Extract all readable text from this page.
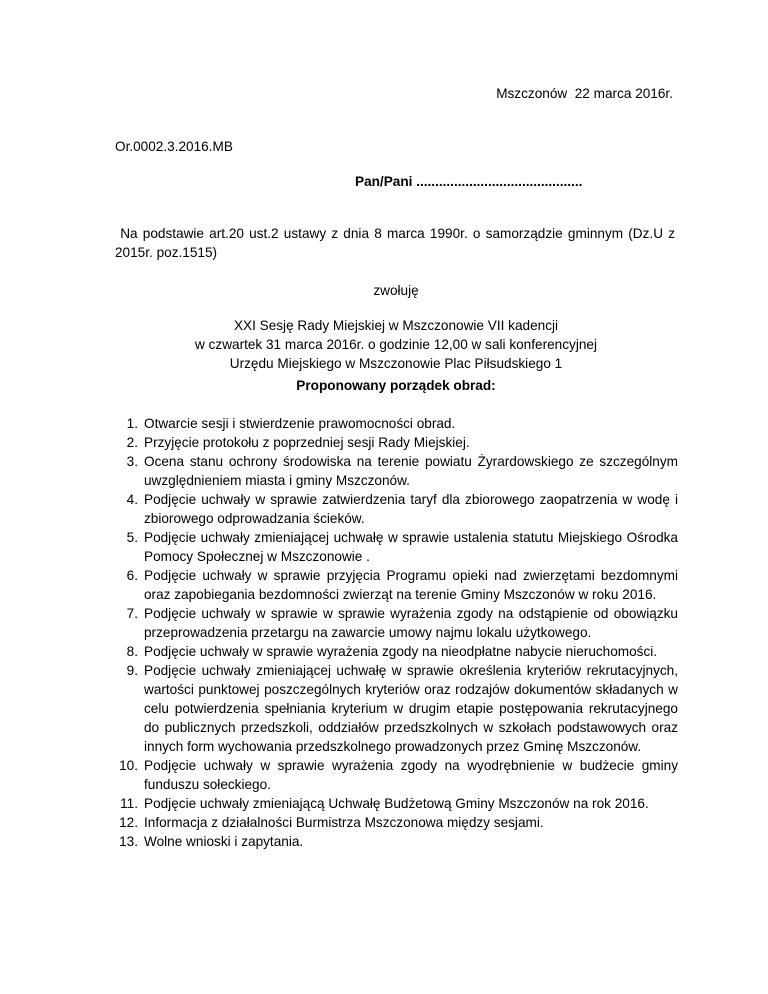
Mszczonów  22 marca 2016r.
Or.0002.3.2016.MB
Pan/Pani ............................................
Na podstawie art.20 ust.2 ustawy z dnia 8 marca 1990r. o samorządzie gminnym (Dz.U z 2015r. poz.1515)
zwołuję
XXI Sesję Rady Miejskiej w Mszczonowie VII kadencji
w czwartek 31 marca 2016r. o godzinie 12,00 w sali konferencyjnej
Urzędu Miejskiego w Mszczonowie Plac Piłsudskiego 1
Proponowany porządek obrad:
1. Otwarcie sesji i stwierdzenie prawomocności obrad.
2. Przyjęcie protokołu z poprzedniej sesji Rady Miejskiej.
3. Ocena stanu ochrony środowiska na terenie powiatu Żyrardowskiego ze szczególnym uwzględnieniem miasta i gminy Mszczonów.
4. Podjęcie uchwały w sprawie zatwierdzenia taryf dla zbiorowego zaopatrzenia w wodę i zbiorowego odprowadzania ścieków.
5. Podjęcie uchwały zmieniającej uchwałę w sprawie ustalenia statutu Miejskiego Ośrodka Pomocy Społecznej w Mszczonowie .
6. Podjęcie uchwały w sprawie przyjęcia Programu opieki nad zwierzętami bezdomnymi oraz zapobiegania bezdomności zwierząt na terenie Gminy Mszczonów w roku 2016.
7. Podjęcie uchwały w sprawie w sprawie wyrażenia zgody na odstąpienie od obowiązku przeprowadzenia przetargu na zawarcie umowy najmu lokalu użytkowego.
8. Podjęcie uchwały w sprawie wyrażenia zgody na nieodpłatne nabycie nieruchomości.
9. Podjęcie uchwały zmieniającej uchwałę w sprawie określenia kryteriów rekrutacyjnych, wartości punktowej poszczególnych kryteriów oraz rodzajów dokumentów składanych w celu potwierdzenia spełniania kryterium w drugim etapie postępowania rekrutacyjnego do publicznych przedszkoli, oddziałów przedszkolnych w szkołach podstawowych oraz innych form wychowania przedszkolnego prowadzonych przez Gminę Mszczonów.
10. Podjęcie uchwały w sprawie wyrażenia zgody na wyodrębnienie w budżecie gminy funduszu sołeckiego.
11. Podjęcie uchwały zmieniającą Uchwałę Budżetową Gminy Mszczonów na rok 2016.
12. Informacja z działalności Burmistrza Mszczonowa między sesjami.
13. Wolne wnioski i zapytania.
